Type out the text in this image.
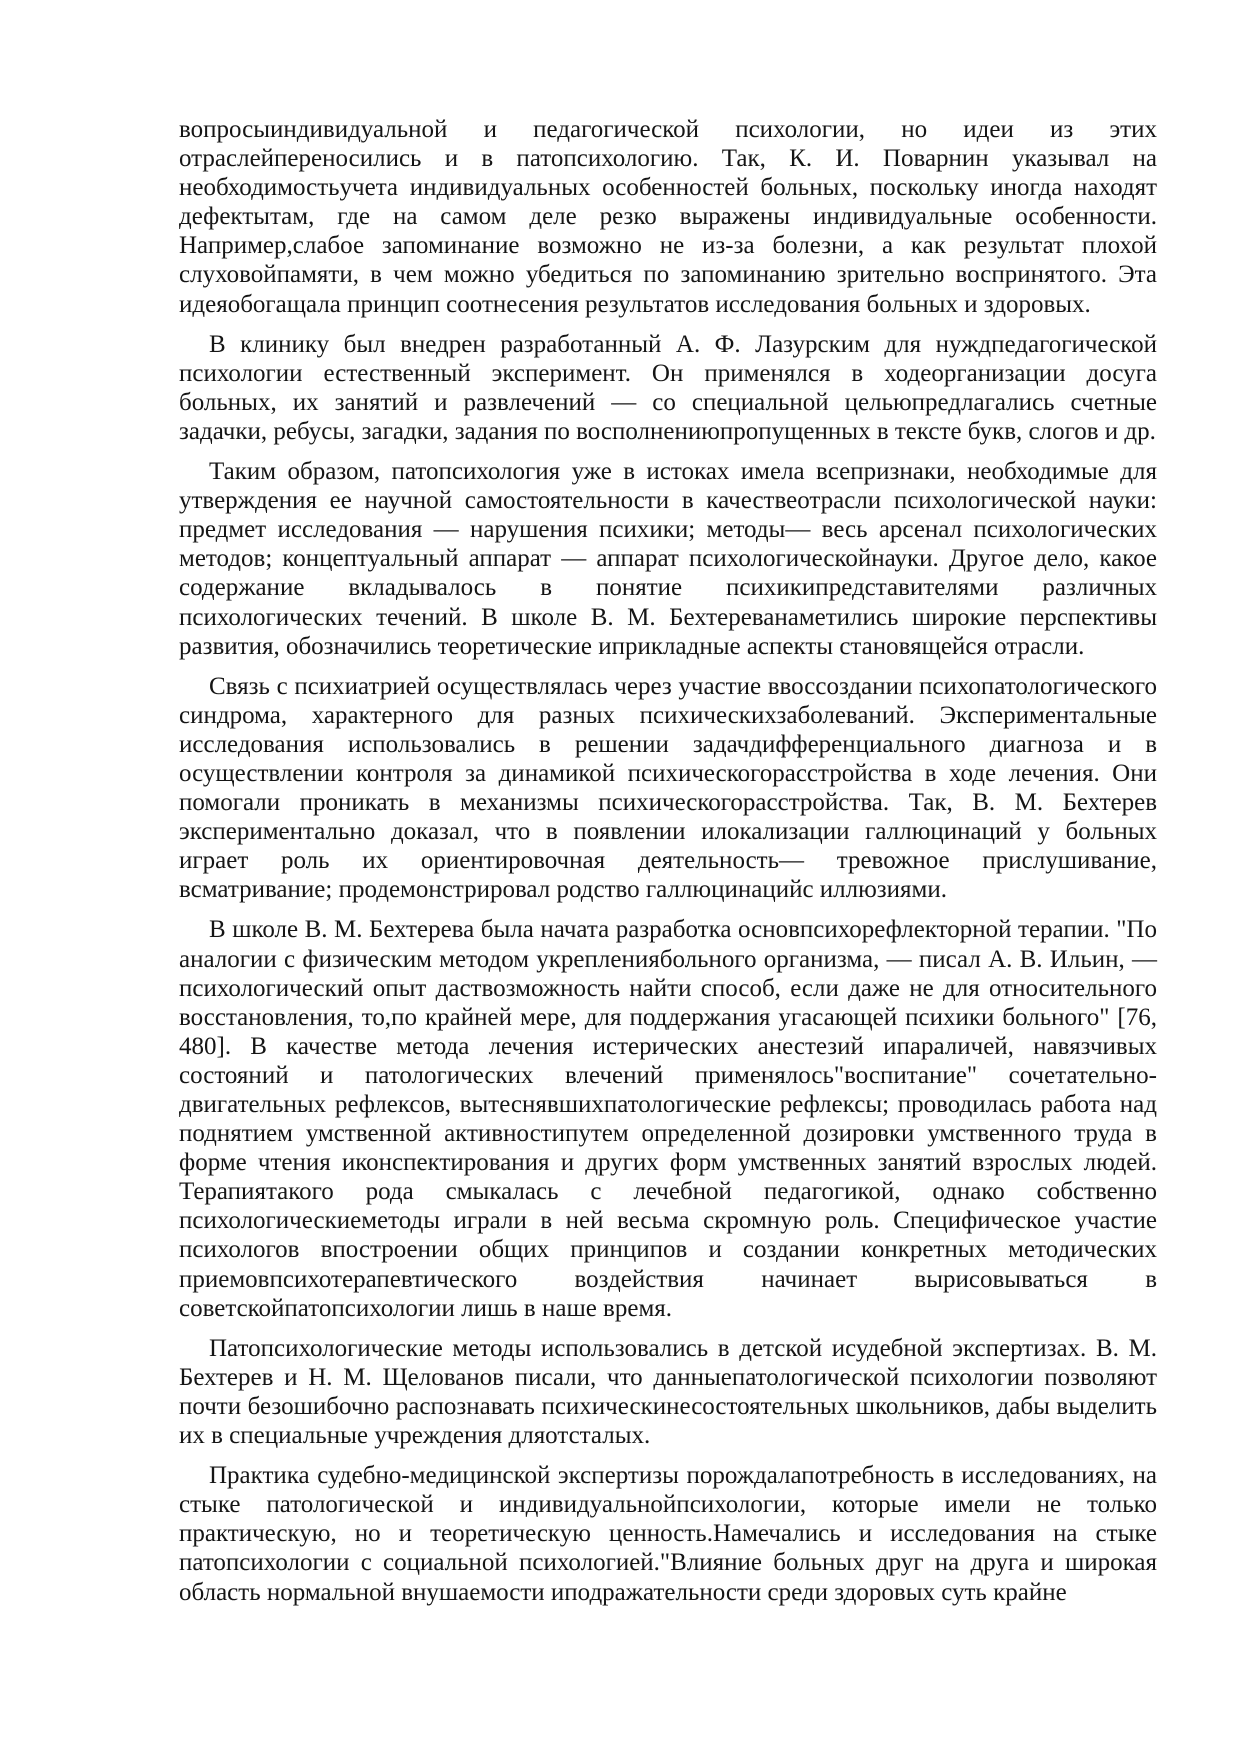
вопросыиндивидуальной и педагогической психологии, но идеи из этих отраслейпереносились и в патопсихологию. Так, К. И. Поварнин указывал на необходимостьучета индивидуальных особенностей больных, поскольку иногда находят дефектытам, где на самом деле резко выражены индивидуальные особенности. Например,слабое запоминание возможно не из-за болезни, а как результат плохой слуховойпамяти, в чем можно убедиться по запоминанию зрительно воспринятого. Эта идеяобогащала принцип соотнесения результатов исследования больных и здоровых.

В клинику был внедрен разработанный А. Ф. Лазурским для нуждпедагогической психологии естественный эксперимент. Он применялся в ходеорганизации досуга больных, их занятий и развлечений — со специальной цельюпредлагались счетные задачки, ребусы, загадки, задания по восполнениюпропущенных в тексте букв, слогов и др.

Таким образом, патопсихология уже в истоках имела всепризнаки, необходимые для утверждения ее научной самостоятельности в качествеотрасли психологической науки: предмет исследования — нарушения психики; методы— весь арсенал психологических методов; концептуальный аппарат — аппарат психологическойнауки. Другое дело, какое содержание вкладывалось в понятие психикипредставителями различных психологических течений. В школе В. М. Бехтереванаметились широкие перспективы развития, обозначились теоретические иприкладные аспекты становящейся отрасли.

Связь с психиатрией осуществлялась через участие ввоссоздании психопатологического синдрома, характерного для разных психическихзаболеваний. Экспериментальные исследования использовались в решении задачдифференциального диагноза и в осуществлении контроля за динамикой психическогорасстройства в ходе лечения. Они помогали проникать в механизмы психическогорасстройства. Так, В. М. Бехтерев экспериментально доказал, что в появлении илокализации галлюцинаций у больных играет роль их ориентировочная деятельность— тревожное прислушивание, всматривание; продемонстрировал родство галлюцинацийс иллюзиями.

В школе В. М. Бехтерева была начата разработка основпсихорефлекторной терапии. "По аналогии с физическим методом укреплениябольного организма, — писал А. В. Ильин, — психологический опыт даствозможность найти способ, если даже не для относительного восстановления, то,по крайней мере, для поддержания угасающей психики больного" [76, 480]. В качестве метода лечения истерических анестезий ипараличей, навязчивых состояний и патологических влечений применялось"воспитание" сочетательно-двигательных рефлексов, вытеснявшихпатологические рефлексы; проводилась работа над поднятием умственной активностипутем определенной дозировки умственного труда в форме чтения иконспектирования и других форм умственных занятий взрослых людей. Терапиятакого рода смыкалась с лечебной педагогикой, однако собственно психологическиеметоды играли в ней весьма скромную роль. Специфическое участие психологов впостроении общих принципов и создании конкретных методических приемовпсихотерапевтического воздействия начинает вырисовываться в советскойпатопсихологии лишь в наше время.

Патопсихологические методы использовались в детской исудебной экспертизах. В. М. Бехтерев и Н. М. Щелованов писали, что данныепатологической психологии позволяют почти безошибочно распознавать психическинесостоятельных школьников, дабы выделить их в специальные учреждения дляотсталых.

Практика судебно-медицинской экспертизы порождалапотребность в исследованиях, на стыке патологической и индивидуальнойпсихологии, которые имели не только практическую, но и теоретическую ценность.Намечались и исследования на стыке патопсихологии с социальной психологией."Влияние больных друг на друга и широкая область нормальной внушаемости иподражательности среди здоровых суть крайне
